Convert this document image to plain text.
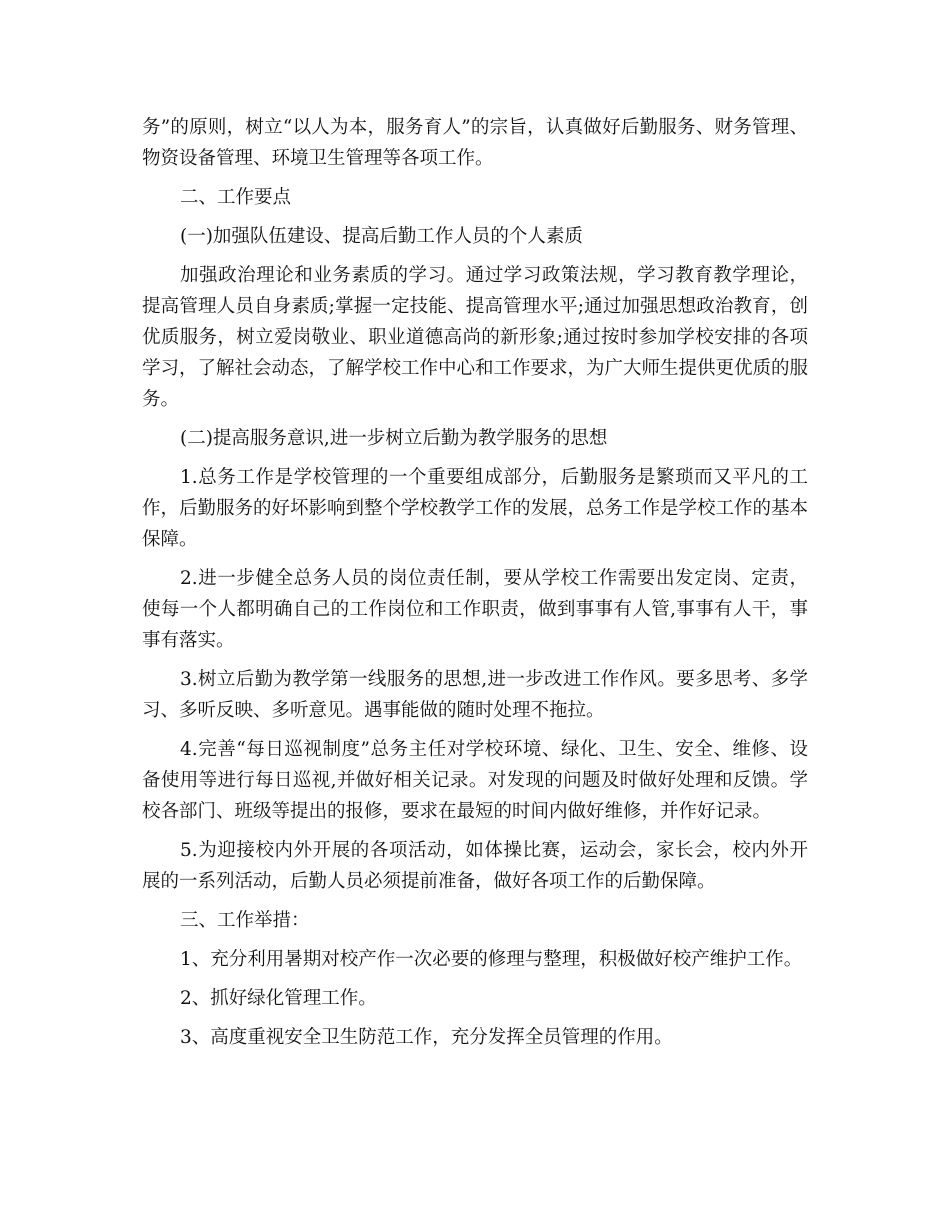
务”的原则，树立“以人为本，服务育人”的宗旨，认真做好后勤服务、财务管理、物资设备管理、环境卫生管理等各项工作。

二、工作要点

(一)加强队伍建设、提高后勤工作人员的个人素质

加强政治理论和业务素质的学习。通过学习政策法规，学习教育教学理论，提高管理人员自身素质;掌握一定技能、提高管理水平;通过加强思想政治教育，创优质服务，树立爱岗敬业、职业道德高尚的新形象;通过按时参加学校安排的各项学习，了解社会动态，了解学校工作中心和工作要求，为广大师生提供更优质的服务。

(二)提高服务意识,进一步树立后勤为教学服务的思想

1.总务工作是学校管理的一个重要组成部分，后勤服务是繁琐而又平凡的工作，后勤服务的好坏影响到整个学校教学工作的发展，总务工作是学校工作的基本保障。

2.进一步健全总务人员的岗位责任制，要从学校工作需要出发定岗、定责，使每一个人都明确自己的工作岗位和工作职责，做到事事有人管,事事有人干，事事有落实。

3.树立后勤为教学第一线服务的思想,进一步改进工作作风。要多思考、多学习、多听反映、多听意见。遇事能做的随时处理不拖拉。

4.完善“每日巡视制度”总务主任对学校环境、绿化、卫生、安全、维修、设备使用等进行每日巡视,并做好相关记录。对发现的问题及时做好处理和反馈。学校各部门、班级等提出的报修，要求在最短的时间内做好维修，并作好记录。

5.为迎接校内外开展的各项活动，如体操比赛，运动会，家长会，校内外开展的一系列活动，后勤人员必须提前准备，做好各项工作的后勤保障。

三、工作举措：

1、充分利用暑期对校产作一次必要的修理与整理，积极做好校产维护工作。

2、抓好绿化管理工作。

3、高度重视安全卫生防范工作，充分发挥全员管理的作用。
